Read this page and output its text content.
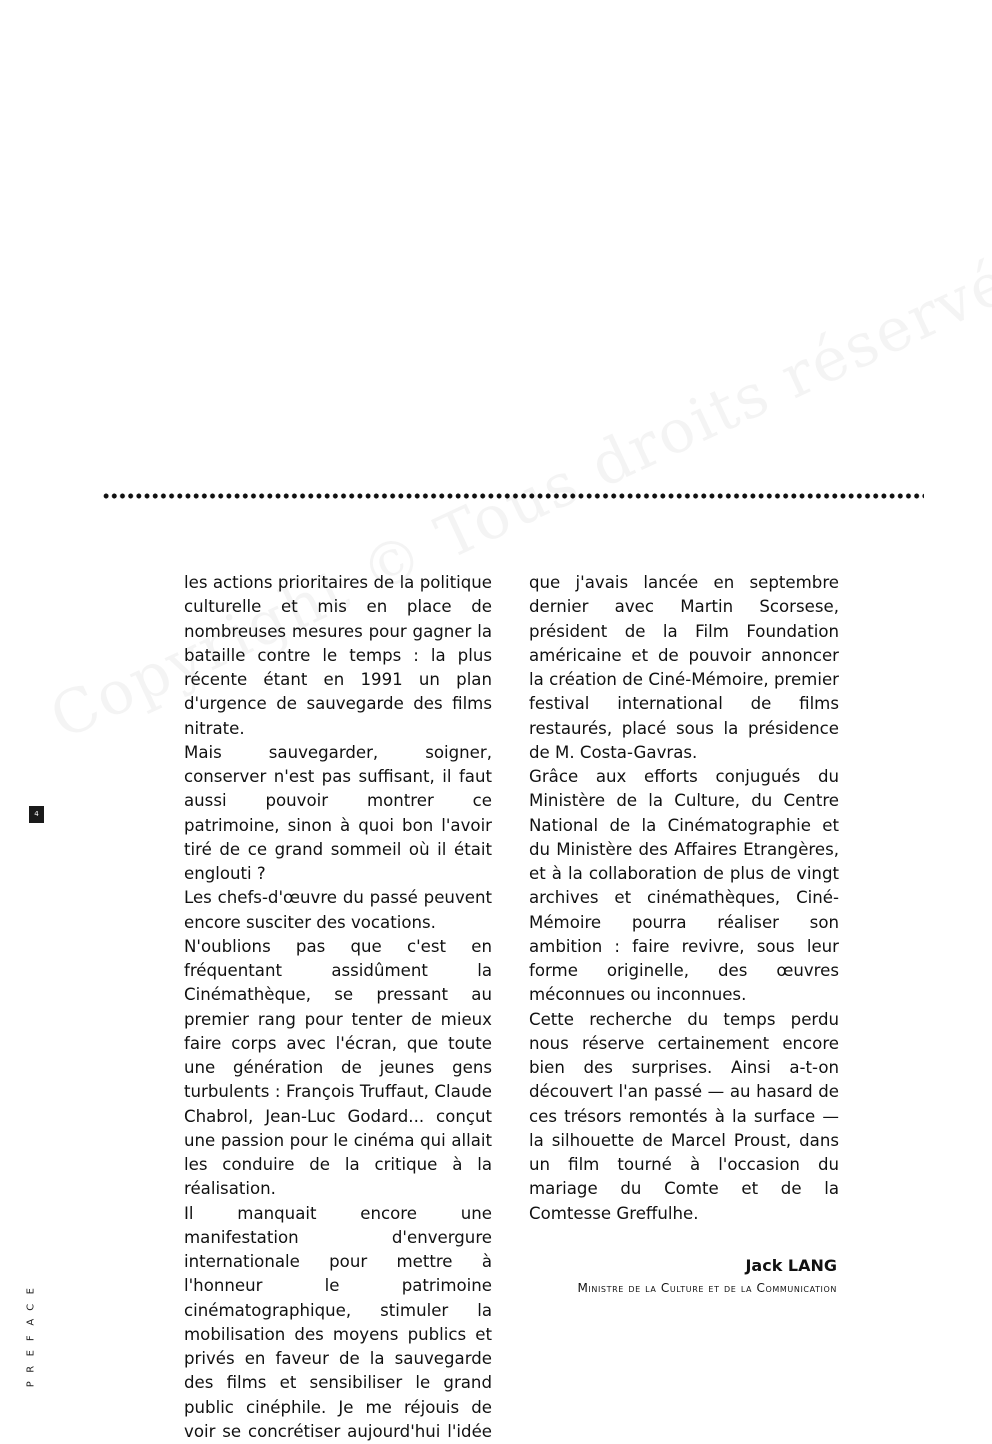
les actions prioritaires de la politique culturelle et mis en place de nombreuses mesures pour gagner la bataille contre le temps : la plus récente étant en 1991 un plan d'urgence de sauvegarde des films nitrate.

Mais sauvegarder, soigner, conserver n'est pas suffisant, il faut aussi pouvoir montrer ce patrimoine, sinon à quoi bon l'avoir tiré de ce grand sommeil où il était englouti ?

Les chefs-d'œuvre du passé peuvent encore susciter des vocations.

N'oublions pas que c'est en fréquentant assidûment la Cinémathèque, se pressant au premier rang pour tenter de mieux faire corps avec l'écran, que toute une génération de jeunes gens turbulents : François Truffaut, Claude Chabrol, Jean-Luc Godard... conçut une passion pour le cinéma qui allait les conduire de la critique à la réalisation.

Il manquait encore une manifestation d'envergure internationale pour mettre à l'honneur le patrimoine cinématographique, stimuler la mobilisation des moyens publics et privés en faveur de la sauvegarde des films et sensibiliser le grand public cinéphile. Je me réjouis de voir se concrétiser aujourd'hui l'idée

que j'avais lancée en septembre dernier avec Martin Scorsese, président de la Film Foundation américaine et de pouvoir annoncer la création de Ciné-Mémoire, premier festival international de films restaurés, placé sous la présidence de M. Costa-Gavras.

Grâce aux efforts conjugués du Ministère de la Culture, du Centre National de la Cinématographie et du Ministère des Affaires Etrangères, et à la collaboration de plus de vingt archives et cinémathèques, Ciné-Mémoire pourra réaliser son ambition : faire revivre, sous leur forme originelle, des œuvres méconnues ou inconnues.

Cette recherche du temps perdu nous réserve certainement encore bien des surprises. Ainsi a-t-on découvert l'an passé — au hasard de ces trésors remontés à la surface — la silhouette de Marcel Proust, dans un film tourné à l'occasion du mariage du Comte et de la Comtesse Greffulhe.

4
E
C
A
F
E
R
P
Jack LANG
Ministre de la Culture et de la Communication
